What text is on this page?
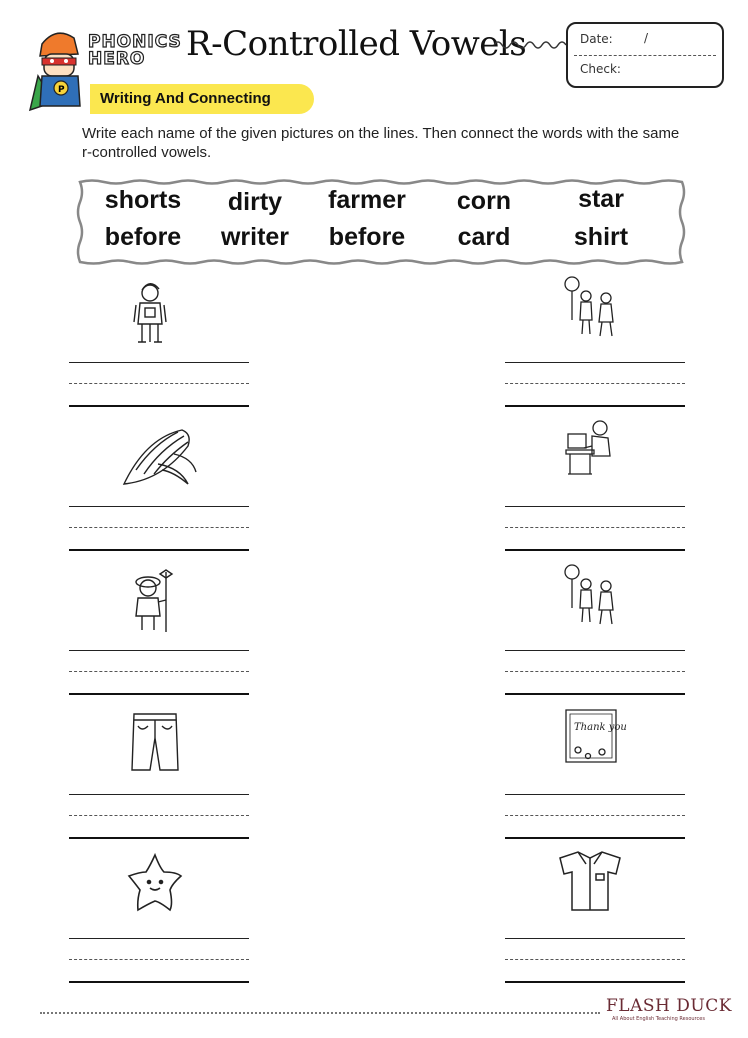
P
PHONICS
HERO	R-Controlled Vowels	Date:	/
Check:
Writing And Connecting
Write each name of the given pictures on the lines. Then connect the words with the same r-controlled vowels.
shorts	dirty	farmer	corn	star
before	writer	before	card	shirt
Thank you
FLASH DUCK
All About English Teaching Resources
